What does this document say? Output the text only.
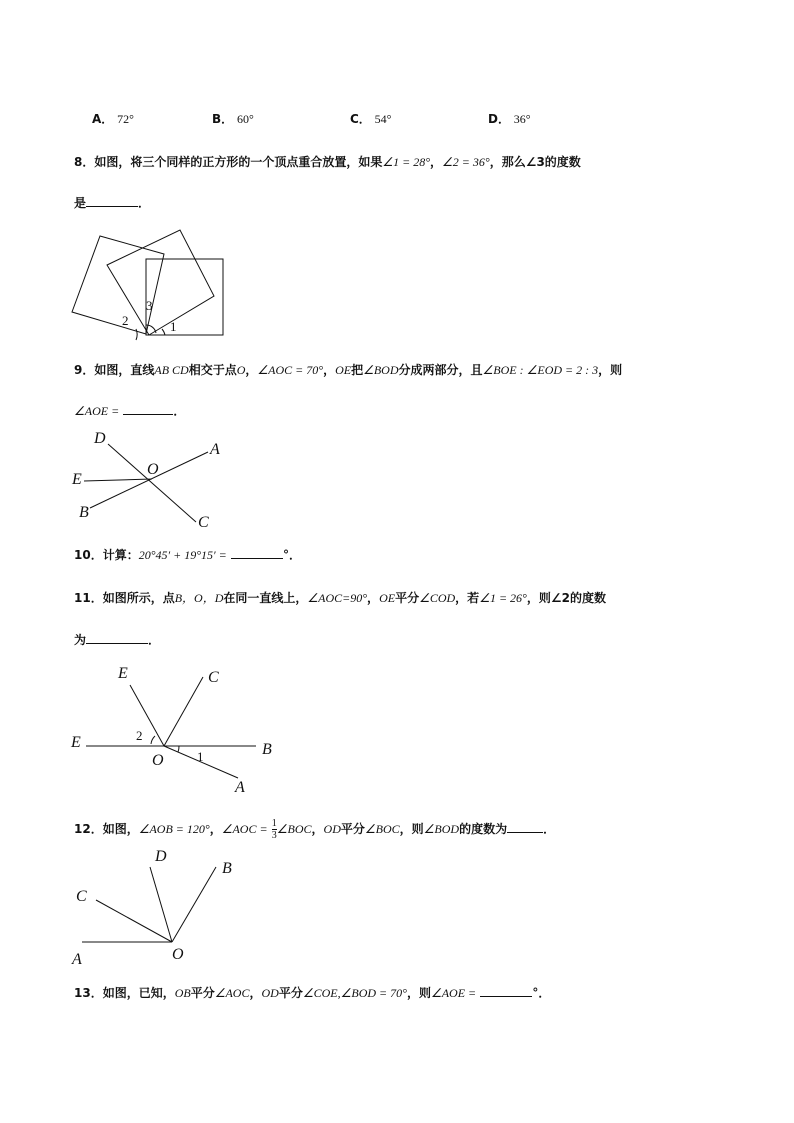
A． 72°	B． 60°	C． 54°	D． 36°
8．如图，将三个同样的正方形的一个顶点重合放置，如果∠1 = 28°，∠2 = 36°，那么∠3的度数
是	．
1
2
3
9．如图，直线AB CD相交于点O，∠AOC = 70°，OE把∠BOD分成两部分，且∠BOE : ∠EOD = 2 : 3，则
∠AOE =	．
D
A
O
E
B
C
10．计算：20°45′ + 19°15′ =	°．
11．如图所示，点B，O，D在同一直线上，∠AOC=90°，OE平分∠COD，若∠1 = 26°，则∠2的度数
为	．
E	C
E	2
B
O	1
A
12．如图，∠AOB = 120°，∠AOC = $\frac{1}{3}$ ∠BOC，OD平分∠BOC，则∠BOD的度数为	．
D
B
C
O
A
13．如图，已知，OB平分∠AOC，OD平分∠COE,∠BOD = 70°，则∠AOE =	°．
